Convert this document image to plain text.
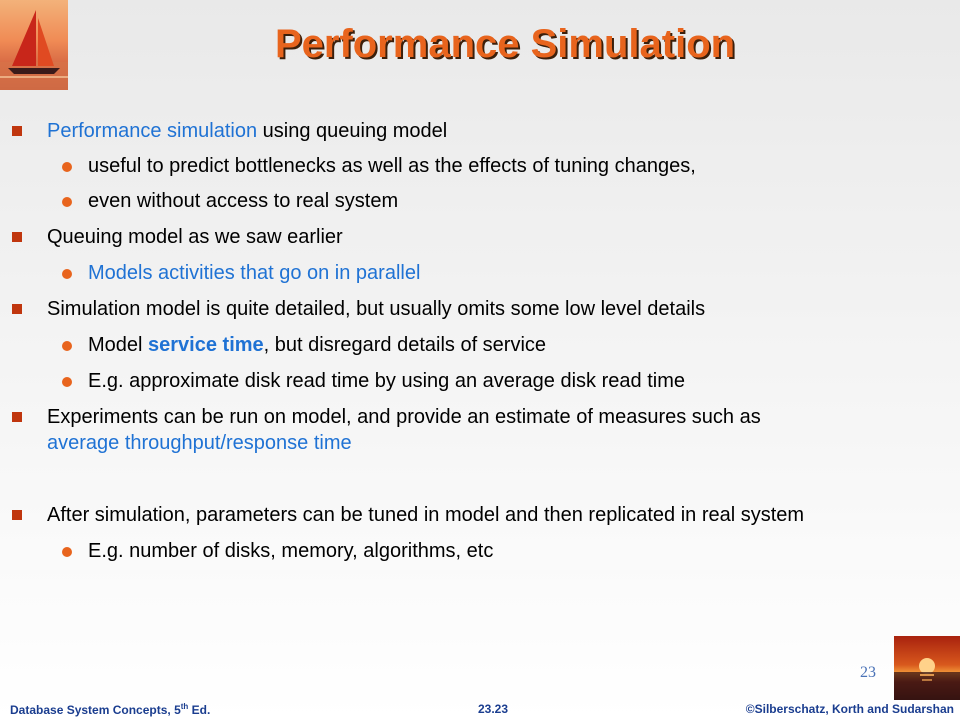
Performance Simulation
Performance simulation using queuing model
useful to predict bottlenecks as well as the effects of tuning changes,
even without access to real system
Queuing model as we saw earlier
Models activities that go on in parallel
Simulation model is quite detailed, but usually omits some low level details
Model service time, but disregard details of service
E.g. approximate disk read time by using an average disk read time
Experiments can be run on model, and provide an estimate of measures such as
average throughput/response time
After simulation, parameters can be tuned in model and then replicated in real system
E.g. number of disks, memory, algorithms, etc
23
Database System Concepts, 5th Ed.	23.23	©Silberschatz, Korth and Sudarshan
